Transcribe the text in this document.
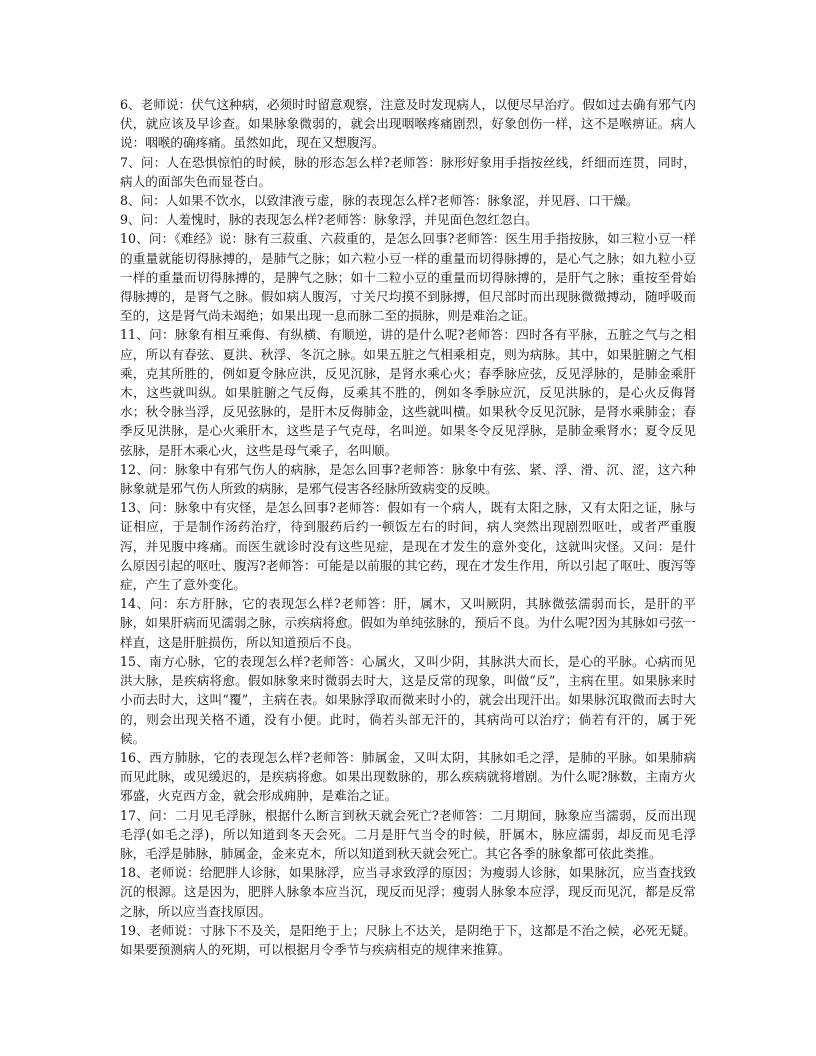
6、老师说：伏气这种病，必须时时留意观察，注意及时发现病人，以便尽早治疗。假如过去确有邪气内伏，就应该及早诊查。如果脉象微弱的，就会出现咽喉疼痛剧烈，好象创伤一样，这不是喉痹证。病人说：咽喉的确疼痛。虽然如此，现在又想腹泻。

7、问：人在恐惧惊怕的时候，脉的形态怎么样?老师答：脉形好象用手指按丝线，纤细而连贯，同时，病人的面部失色而显苍白。

8、问：人如果不饮水，以致津液亏虚，脉的表现怎么样?老师答：脉象涩，并见唇、口干燥。

9、问：人羞愧时，脉的表现怎么样?老师答：脉象浮，并见面色忽红忽白。

10、问：《难经》说：脉有三菽重、六菽重的，是怎么回事?老师答：医生用手指按脉，如三粒小豆一样的重量就能切得脉搏的，是肺气之脉；如六粒小豆一样的重量而切得脉搏的，是心气之脉；如九粒小豆一样的重量而切得脉搏的，是脾气之脉；如十二粒小豆的重量而切得脉搏的，是肝气之脉；重按至骨始得脉搏的，是肾气之脉。假如病人腹泻，寸关尺均摸不到脉搏，但尺部时而出现脉微微搏动，随呼吸而至的，这是肾气尚未竭绝；如果出现一息而脉二至的损脉，则是难治之证。

11、问：脉象有相互乘侮、有纵横、有顺逆，讲的是什么呢?老师答：四时各有平脉，五脏之气与之相应，所以有春弦、夏洪、秋浮、冬沉之脉。如果五脏之气相乘相克，则为病脉。其中，如果脏腑之气相乘，克其所胜的，例如夏令脉应洪，反见沉脉，是肾水乘心火；春季脉应弦，反见浮脉的，是肺金乘肝木，这些就叫纵。如果脏腑之气反侮，反乘其不胜的，例如冬季脉应沉，反见洪脉的，是心火反侮肾水；秋令脉当浮，反见弦脉的，是肝木反侮肺金，这些就叫横。如果秋令反见沉脉，是肾水乘肺金；春季反见洪脉，是心火乘肝木，这些是子气克母，名叫逆。如果冬令反见浮脉，是肺金乘肾水；夏令反见弦脉，是肝木乘心火，这些是母气乘子，名叫顺。

12、问：脉象中有邪气伤人的病脉，是怎么回事?老师答：脉象中有弦、紧、浮、滑、沉、涩，这六种脉象就是邪气伤人所致的病脉，是邪气侵害各经脉所致病变的反映。

13、问：脉象中有灾怪，是怎么回事?老师答：假如有一个病人，既有太阳之脉，又有太阳之证，脉与证相应，于是制作汤药治疗，待到服药后约一顿饭左右的时间，病人突然出现剧烈呕吐，或者严重腹泻，并见腹中疼痛。而医生就诊时没有这些见症，是现在才发生的意外变化，这就叫灾怪。又问：是什么原因引起的呕吐、腹泻?老师答：可能是以前服的其它药，现在才发生作用，所以引起了呕吐、腹泻等症，产生了意外变化。

14、问：东方肝脉，它的表现怎么样?老师答：肝，属木，又叫厥阴，其脉微弦濡弱而长，是肝的平脉，如果肝病而见濡弱之脉，示疾病将愈。假如为单纯弦脉的，预后不良。为什么呢?因为其脉如弓弦一样直，这是肝脏损伤，所以知道预后不良。

15、南方心脉，它的表现怎么样?老师答：心属火，又叫少阴，其脉洪大而长，是心的平脉。心病而见洪大脉，是疾病将愈。假如脉象来时微弱去时大，这是反常的现象，叫做“反”，主病在里。如果脉来时小而去时大，这叫“覆”，主病在表。如果脉浮取而微来时小的，就会出现汗出。如果脉沉取微而去时大的，则会出现关格不通，没有小便。此时，倘若头部无汗的，其病尚可以治疗；倘若有汗的，属于死候。

16、西方肺脉，它的表现怎么样?老师答：肺属金，又叫太阴，其脉如毛之浮，是肺的平脉。如果肺病而见此脉，或见缓迟的，是疾病将愈。如果出现数脉的，那么疾病就将增剧。为什么呢?脉数，主南方火邪盛，火克西方金，就会形成痈肿，是难治之证。

17、问：二月见毛浮脉，根据什么断言到秋天就会死亡?老师答：二月期间，脉象应当濡弱，反而出现毛浮(如毛之浮)，所以知道到冬天会死。二月是肝气当令的时候，肝属木，脉应濡弱，却反而见毛浮脉，毛浮是肺脉，肺属金，金来克木，所以知道到秋天就会死亡。其它各季的脉象都可依此类推。

18、老师说：给肥胖人诊脉，如果脉浮，应当寻求致浮的原因；为瘦弱人诊脉，如果脉沉，应当查找致沉的根源。这是因为，肥胖人脉象本应当沉，现反而见浮；瘦弱人脉象本应浮，现反而见沉，都是反常之脉，所以应当查找原因。

19、老师说：寸脉下不及关，是阳绝于上；尺脉上不达关，是阴绝于下，这都是不治之候，必死无疑。如果要预测病人的死期，可以根据月令季节与疾病相克的规律来推算。
